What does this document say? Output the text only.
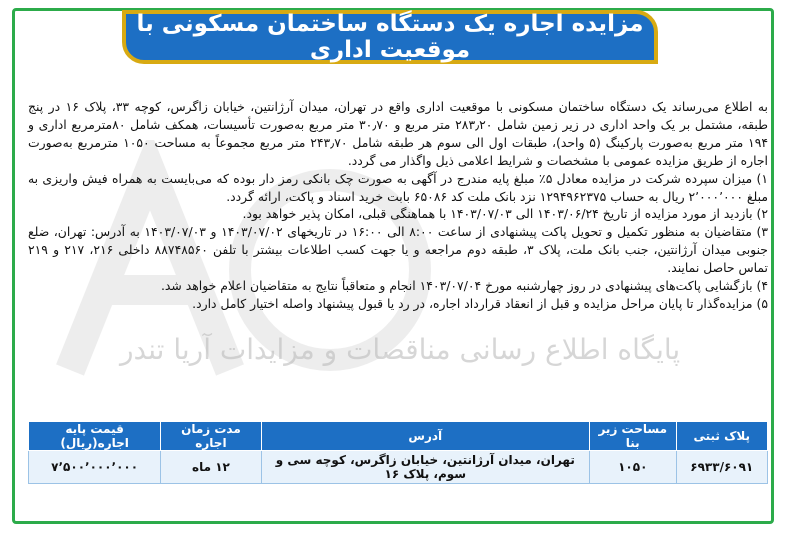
مزایده اجاره یک دستگاه ساختمان مسکونی با موقعیت اداری
پایگاه اطلاع رسانی مناقصات و مزایدات آریا تندر

به اطلاع می‌رساند یک دستگاه ساختمان مسکونی با موقعیت اداری واقع در تهران، میدان آرژانتین، خیابان زاگرس، کوچه ۳۳، پلاک ۱۶ در پنج طبقه، مشتمل بر یک واحد اداری در زیر زمین شامل ۲۸۳٫۲۰ متر مربع و ۳۰٫۷۰ متر مربع به‌صورت تأسیسات، همکف شامل ۸۰مترمربع اداری و ۱۹۴ متر مربع به‌صورت پارکینگ (۵ واحد)، طبقات اول الی سوم هر طبقه شامل ۲۴۳٫۷۰ متر مربع مجموعاً به مساحت ۱۰۵۰ مترمربع به‌صورت اجاره از طریق مزایده عمومی با مشخصات و شرایط اعلامی ذیل واگذار می گردد.

۱) میزان سپرده شرکت در مزایده معادل ۵٪ مبلغ پایه مندرج در آگهی به صورت چک بانکی رمز دار بوده که می‌بایست به همراه فیش واریزی به مبلغ ۲٬۰۰۰٬۰۰۰ ریال به حساب ۱۲۹۴۹۶۲۳۷۵ نزد بانک ملت کد ۶۵۰۸۶ بابت خرید اسناد و پاکت، ارائه گردد.

۲) بازدید از مورد مزایده از تاریخ ۱۴۰۳/۰۶/۲۴ الی ۱۴۰۳/۰۷/۰۳ با هماهنگی قبلی، امکان پذیر خواهد بود.

۳) متقاضیان به منظور تکمیل و تحویل پاکت پیشنهادی از ساعت ۸:۰۰ الی ۱۶:۰۰ در تاریخهای ۱۴۰۳/۰۷/۰۲ و ۱۴۰۳/۰۷/۰۳ به آدرس: تهران، ضلع جنوبی میدان آرژانتین، جنب بانک ملت، پلاک ۳، طبقه دوم مراجعه و یا جهت کسب اطلاعات بیشتر با تلفن ۸۸۷۴۸۵۶۰ داخلی ۲۱۶، ۲۱۷ و ۲۱۹ تماس حاصل نمایند.

۴) بازگشایی پاکت‌های پیشنهادی در روز چهارشنبه مورخ ۱۴۰۳/۰۷/۰۴ انجام و متعاقباً نتایج به متقاضیان اعلام خواهد شد.

۵) مزایده‌گذار تا پایان مراحل مزایده و قبل از انعقاد قرارداد اجاره، در رد یا قبول پیشنهاد واصله اختیار کامل دارد.

پلاک ثبتی	مساحت زیر بنا	آدرس	مدت زمان اجاره	قیمت پایه اجاره(ریال)
۶۹۳۳/۶۰۹۱	۱۰۵۰	تهران، میدان آرژانتین، خیابان زاگرس، کوچه سی و سوم، پلاک ۱۶	۱۲ ماه	۷٬۵۰۰٬۰۰۰٬۰۰۰
